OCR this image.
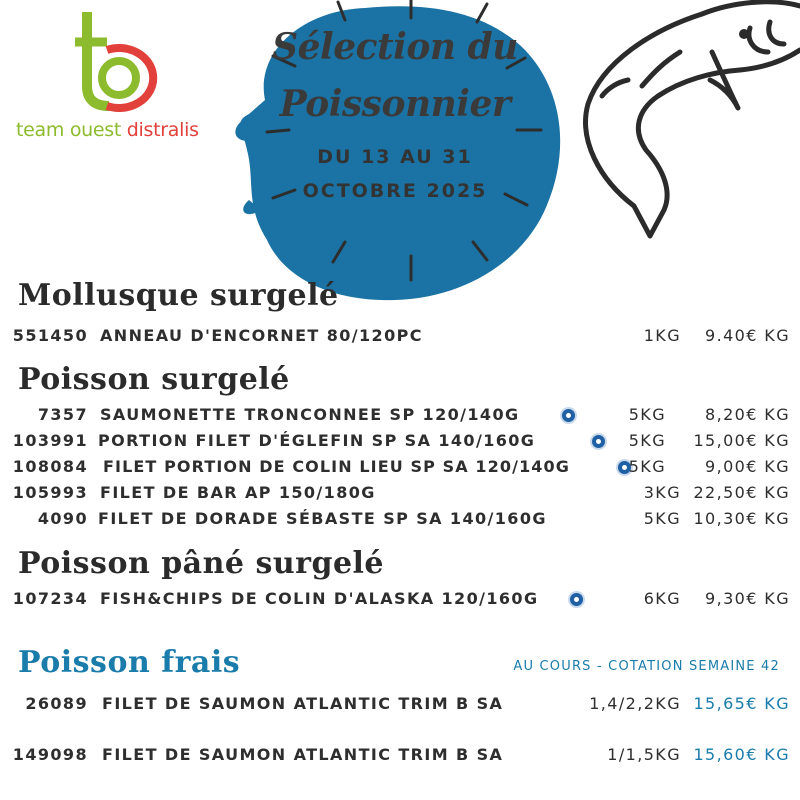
team ouest distralis
Sélection du
Poissonnier
DU 13 AU 31
OCTOBRE 2025
Mollusque surgelé
551450 ANNEAU D'ENCORNET 80/120PC	1KG 9.40€ KG
Poisson surgelé
7357 SAUMONETTE TRONCONNEE SP 120/140G	5KG 8,20€ KG
103991 PORTION FILET D'ÉGLEFIN SP SA 140/160G	5KG 15,00€ KG
108084 FILET PORTION DE COLIN LIEU SP SA 120/140G	5KG 9,00€ KG
105993 FILET DE BAR AP 150/180G	3KG 22,50€ KG
4090 FILET DE DORADE SÉBASTE SP SA 140/160G	5KG 10,30€ KG
Poisson pâné surgelé
107234 FISH&CHIPS DE COLIN D'ALASKA 120/160G	6KG 9,30€ KG
Poisson frais	AU COURS - COTATION SEMAINE 42
26089 FILET DE SAUMON ATLANTIC TRIM B SA	1,4/2,2KG 15,65€ KG
149098 FILET DE SAUMON ATLANTIC TRIM B SA	1/1,5KG 15,60€ KG
